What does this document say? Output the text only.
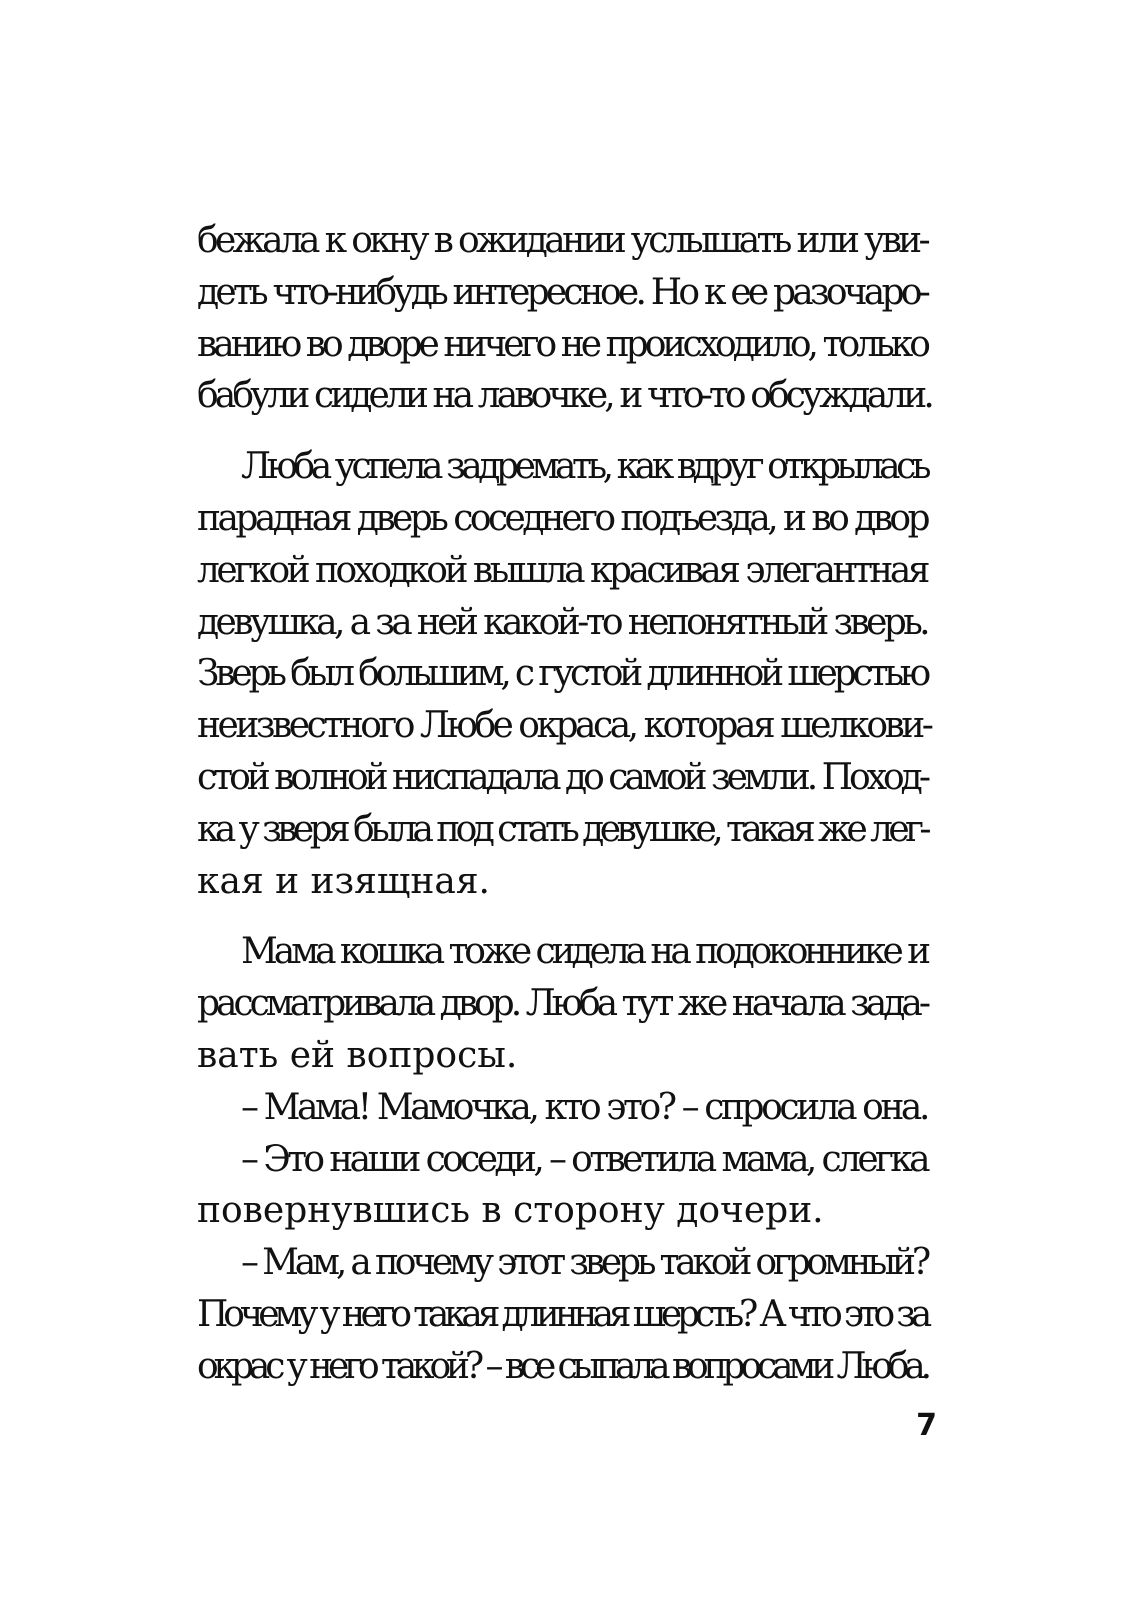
бежала к окну в ожидании услышать или уви-
деть что-нибудь интересное. Но к ее разочаро-
ванию во дворе ничего не происходило, только
бабули сидели на лавочке, и что-то обсуждали.
Люба успела задремать, как вдруг открылась
парадная дверь соседнего подъезда, и во двор
легкой походкой вышла красивая элегантная
девушка, а за ней какой-то непонятный зверь.
Зверь был большим, с густой длинной шерстью
неизвестного Любе окраса, которая шелкови-
стой волной ниспадала до самой земли. Поход-
ка у зверя была под стать девушке, такая же лег-
кая и изящная.
Мама кошка тоже сидела на подоконнике и
рассматривала двор. Люба тут же начала зада-
вать ей вопросы.
– Мама! Мамочка, кто это? – спросила она.
– Это наши соседи, – ответила мама, слегка
повернувшись в сторону дочери.
– Мам, а почему этот зверь такой огромный?
Почему у него такая длинная шерсть? А что это за
окрас у него такой? – все сыпала вопросами Люба.
7
